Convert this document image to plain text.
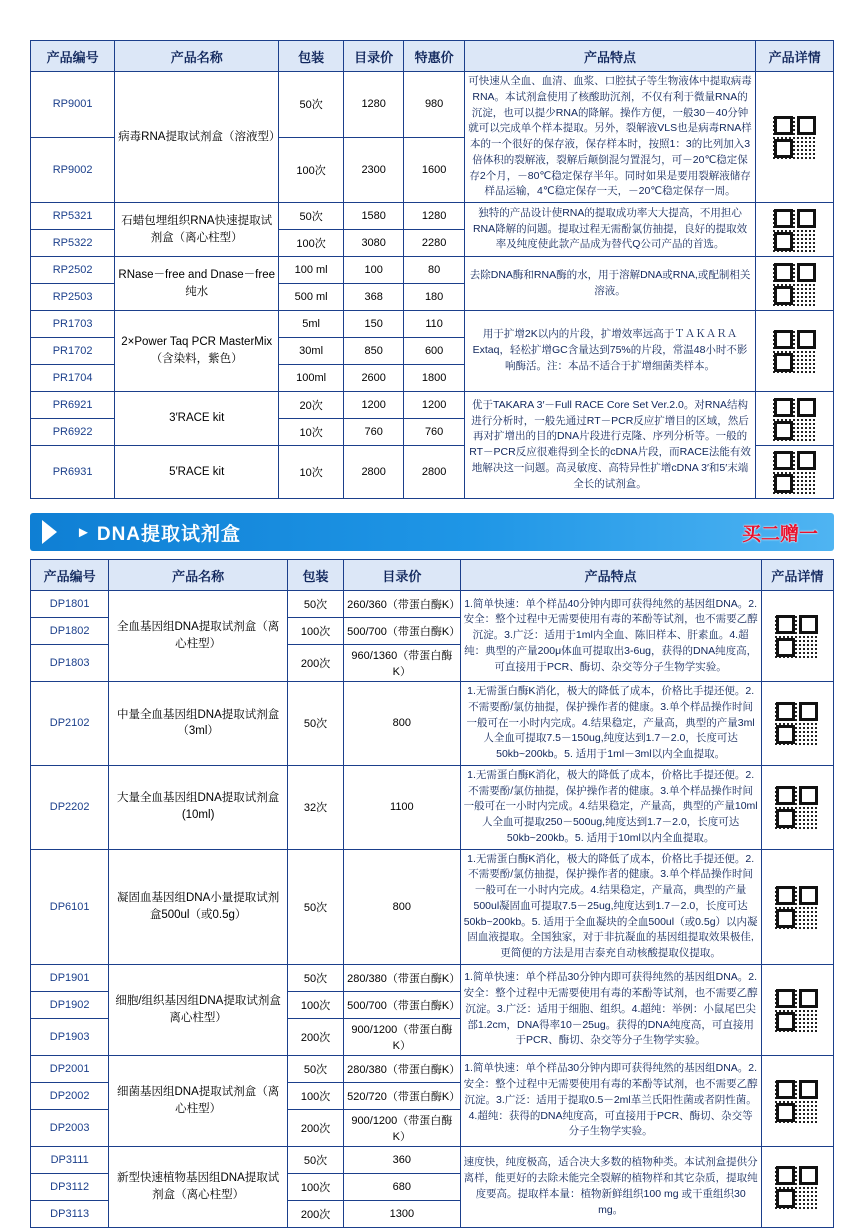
产品编号	产品名称	包装	目录价	特惠价	产品特点	产品详情
RP9001	病毒RNA提取试剂盒（溶液型）	50次	1280	980	可快速从全血、血清、血浆、口腔拭子等生物液体中提取病毒RNA。本试剂盒使用了核酸助沉剂，不仅有利于微量RNA的沉淀，也可以提少RNA的降解。操作方便，一般30－40分钟就可以完成单个样本提取。另外，裂解液VLS也是病毒RNA样本的一个很好的保存液，保存样本时，按照1：3的比列加入3倍体积的裂解液，裂解后颠倒混匀置混匀，可－20℃稳定保存2个月，－80℃稳定保存半年。同时如果是要用裂解液储存样品运输，4℃稳定保存一天，－20℃稳定保存一周。	

RP9002		100次	2300	1600		
RP5321	石蜡包埋组织RNA快速提取试剂盒（离心柱型）	50次	1580	1280	独特的产品设计使RNA的提取成功率大大提高，不用担心RNA降解的问题。提取过程无需酚氯仿抽提，良好的提取效率及纯度使此款产品成为替代Q公司产品的首选。	

RP5322		100次	3080	2280		
RP2502	RNase－free and Dnase－free 纯水	100 ml	100	80	去除DNA酶和RNA酶的水，用于溶解DNA或RNA,或配制相关溶液。	

RP2503		500 ml	368	180		
PR1703	2×Power Taq PCR MasterMix（含染料，紫色）	5ml	150	110	用于扩增2K以内的片段，扩增效率远高于ＴＡＫＡＲＡ Extaq，轻松扩增GC含量达到75%的片段，常温48小时不影响酶活。注：本品不适合于扩增细菌类样本。	

PR1702		30ml	850	600		
PR1704		100ml	2600	1800		
PR6921	3′RACE kit	20次	1200	1200	优于TAKARA 3′－Full RACE Core Set Ver.2.0。对RNA结构进行分析时，一般先通过RT－PCR反应扩增目的区域，然后再对扩增出的目的DNA片段进行克隆、序列分析等。一般的RT－PCR反应很难得到全长的cDNA片段，而RACE法能有效地解决这一问题。高灵敏度、高特异性扩增cDNA 3′和5′末端全长的试剂盒。	

PR6922		10次	760	760		
PR6931	5′RACE kit	10次	2800	2800		
► DNA提取试剂盒	买二赠一
产品编号	产品名称	包装	目录价	产品特点	产品详情
DP1801	全血基因组DNA提取试剂盒（离心柱型）	50次	260/360（带蛋白酶K）	1.简单快速：单个样品40分钟内即可获得纯然的基因组DNA。2.安全：整个过程中无需要使用有毒的苯酚等试剂，也不需要乙醇沉淀。3.广泛：适用于1ml内全血、陈旧样本、肝素血。4.超纯：典型的产量200μ体血可提取出3-6ug，获得的DNA纯度高，可直接用于PCR、酶切、杂交等分子生物学实验。	

DP1802		100次	500/700（带蛋白酶K）		
DP1803		200次	960/1360（带蛋白酶K）		
DP2102	中量全血基因组DNA提取试剂盒（3ml）	50次	800	1.无需蛋白酶K消化，极大的降低了成本，价格比手提还便。2.不需要酚/氯仿抽提，保护操作者的健康。3.单个样品操作时间一般可在一小时内完成。4.结果稳定，产量高，典型的产量3ml人全血可提取7.5－150ug,纯度达到1.7－2.0，长度可达50kb~200kb。5. 适用于1ml－3ml以内全血提取。	

DP2202	大量全血基因组DNA提取试剂盒(10ml)	32次	1100	1.无需蛋白酶K消化，极大的降低了成本，价格比手提还便。2.不需要酚/氯仿抽提，保护操作者的健康。3.单个样品操作时间一般可在一小时内完成。4.结果稳定，产量高，典型的产量10ml人全血可提取250－500ug,纯度达到1.7－2.0，长度可达50kb~200kb。5. 适用于10ml以内全血提取。	

DP6101	凝固血基因组DNA小量提取试剂盒500ul（或0.5g）	50次	800	1.无需蛋白酶K消化，极大的降低了成本，价格比手提还便。2.不需要酚/氯仿抽提，保护操作者的健康。3.单个样品操作时间一般可在一小时内完成。4.结果稳定，产量高，典型的产量500ul凝固血可提取7.5－25ug,纯度达到1.7－2.0，长度可达50kb~200kb。5. 适用于全血凝块的全血500ul（或0.5g）以内凝固血液提取。全国独家，对于非抗凝血的基因组提取效果极佳,更简便的方法是用吉泰充自动核酸提取仪提取。	

DP1901	细胞/组织基因组DNA提取试剂盒离心柱型）	50次	280/380（带蛋白酶K）	1.简单快速：单个样品30分钟内即可获得纯然的基因组DNA。2.安全：整个过程中无需要使用有毒的苯酚等试剂，也不需要乙醇沉淀。3.广泛：适用于细胞、组织。4.超纯：举例：小鼠尾巴尖部1.2cm，DNA得率10－25ug。获得的DNA纯度高，可直接用于PCR、酶切、杂交等分子生物学实验。	

DP1902		100次	500/700（带蛋白酶K）		
DP1903		200次	900/1200（带蛋白酶K）		
DP2001	细菌基因组DNA提取试剂盒（离心柱型）	50次	280/380（带蛋白酶K）	1.简单快速：单个样品30分钟内即可获得纯然的基因组DNA。2.安全：整个过程中无需要使用有毒的苯酚等试剂，也不需要乙醇沉淀。3.广泛：适用于提取0.5－2ml革兰氏阳性菌或者阴性菌。4.超纯：获得的DNA纯度高，可直接用于PCR、酶切、杂交等分子生物学实验。	

DP2002		100次	520/720（带蛋白酶K）		
DP2003		200次	900/1200（带蛋白酶K）		
DP3111	新型快速植物基因组DNA提取试剂盒（离心柱型）	50次	360	速度快，纯度极高，适合决大多数的植物种类。本试剂盒提供分离样，能更好的去除未能完全裂解的植物样和其它杂质，提取纯度要高。提取样本量：植物新鲜组织100 mg 或干重组织30 mg。	

DP3112		100次	680		
DP3113		200次	1300		
